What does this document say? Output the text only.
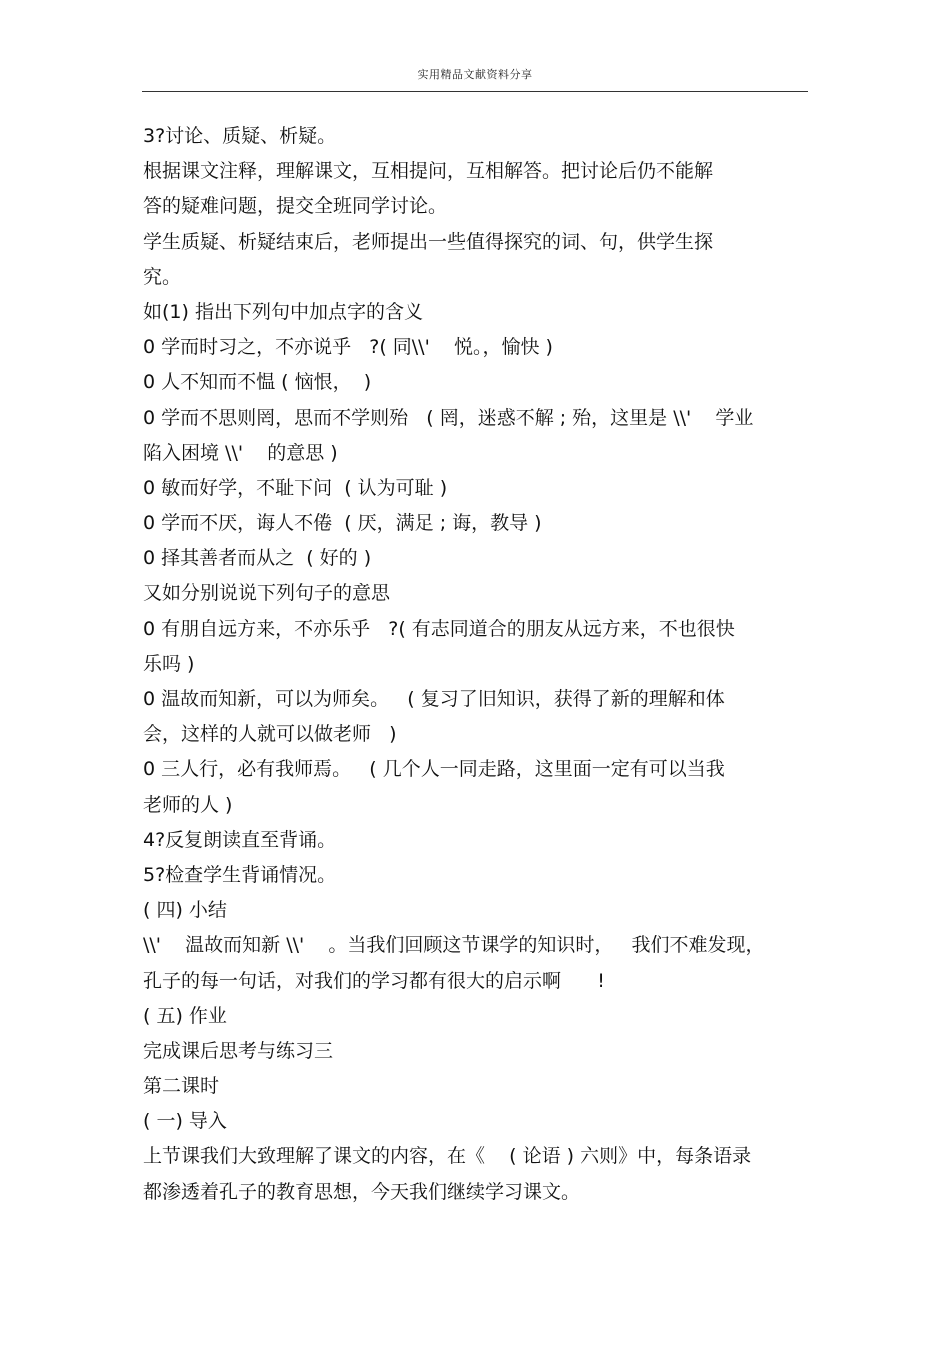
实用精品文献资料分享
3?讨论、质疑、析疑。
根据课文注释，理解课文，互相提问，互相解答。把讨论后仍不能解
答的疑难问题，提交全班同学讨论。
学生质疑、析疑结束后，老师提出一些值得探究的词、句，供学生探
究。
如(1) 指出下列句中加点字的含义
0 学而时习之，不亦说乎   ?( 同\\'    悦。，愉快 )
0 人不知而不愠 ( 恼恨，  )
0 学而不思则罔，思而不学则殆   ( 罔，迷惑不解 ; 殆，这里是 \\'    学业
陷入困境 \\'    的意思 )
0 敏而好学，不耻下问  ( 认为可耻 )
0 学而不厌，诲人不倦  ( 厌，满足 ; 诲，教导 )
0 择其善者而从之  ( 好的 )
又如分别说说下列句子的意思
0 有朋自远方来，不亦乐乎   ?( 有志同道合的朋友从远方来，不也很快
乐吗 )
0 温故而知新，可以为师矣。   ( 复习了旧知识，获得了新的理解和体
会，这样的人就可以做老师   )
0 三人行，必有我师焉。   ( 几个人一同走路，这里面一定有可以当我
老师的人 )
4?反复朗读直至背诵。
5?检查学生背诵情况。
( 四) 小结
\\'    温故而知新 \\'    。当我们回顾这节课学的知识时，   我们不难发现，
孔子的每一句话，对我们的学习都有很大的启示啊      !
( 五) 作业
完成课后思考与练习三
第二课时
( 一) 导入
上节课我们大致理解了课文的内容，在《    ( 论语 ) 六则》中，每条语录
都渗透着孔子的教育思想，今天我们继续学习课文。
